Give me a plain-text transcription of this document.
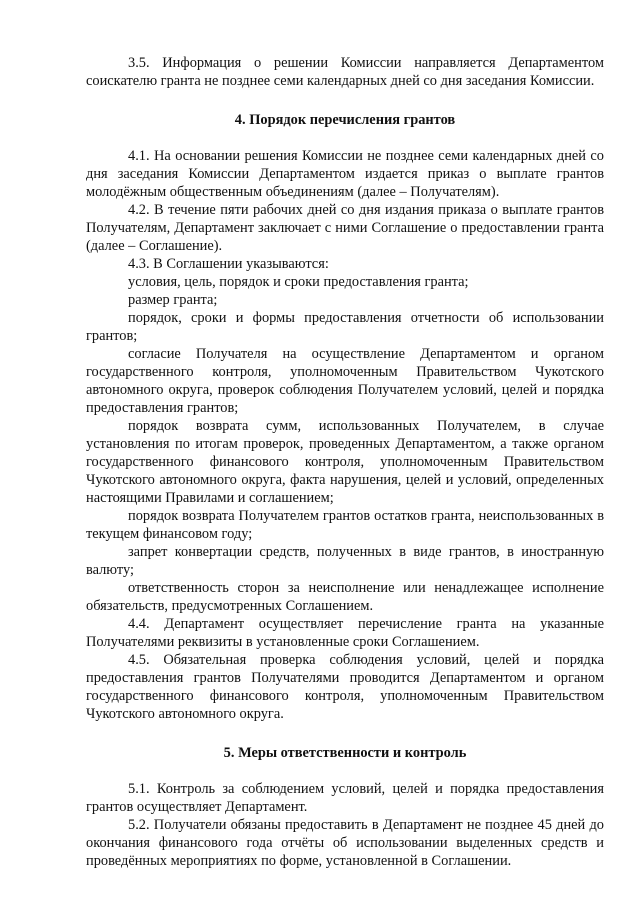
3.5. Информация о решении Комиссии направляется Департаментом соискателю гранта не позднее семи календарных дней со дня заседания Комиссии.

4. Порядок перечисления грантов

4.1. На основании решения Комиссии не позднее семи календарных дней со дня заседания Комиссии Департаментом издается приказ о выплате грантов молодёжным общественным объединениям (далее – Получателям).

4.2. В течение пяти рабочих дней со дня издания приказа о выплате грантов Получателям, Департамент заключает с ними Соглашение о предоставлении гранта (далее – Соглашение).

4.3. В Соглашении указываются:

условия, цель, порядок и сроки предоставления гранта;

размер гранта;

порядок, сроки и формы предоставления отчетности об использовании грантов;

согласие Получателя на осуществление Департаментом и органом государственного контроля, уполномоченным Правительством Чукотского автономного округа, проверок соблюдения Получателем условий, целей и порядка предоставления грантов;

порядок возврата сумм, использованных Получателем, в случае установления по итогам проверок, проведенных Департаментом, а также органом государственного финансового контроля, уполномоченным Правительством Чукотского автономного округа, факта нарушения, целей и условий, определенных настоящими Правилами и соглашением;

порядок возврата Получателем грантов остатков гранта, неиспользованных в текущем финансовом году;

запрет конвертации средств, полученных в виде грантов, в иностранную валюту;

ответственность сторон за неисполнение или ненадлежащее исполнение обязательств, предусмотренных Соглашением.

4.4. Департамент осуществляет перечисление гранта на указанные Получателями реквизиты в установленные сроки Соглашением.

4.5. Обязательная проверка соблюдения условий, целей и порядка предоставления грантов Получателями проводится Департаментом и органом государственного финансового контроля, уполномоченным Правительством Чукотского автономного округа.

5. Меры ответственности и контроль

5.1. Контроль за соблюдением условий, целей и порядка предоставления грантов осуществляет Департамент.

5.2. Получатели обязаны предоставить в Департамент не позднее 45 дней до окончания финансового года отчёты об использовании выделенных средств и проведённых мероприятиях по форме, установленной в Соглашении.
